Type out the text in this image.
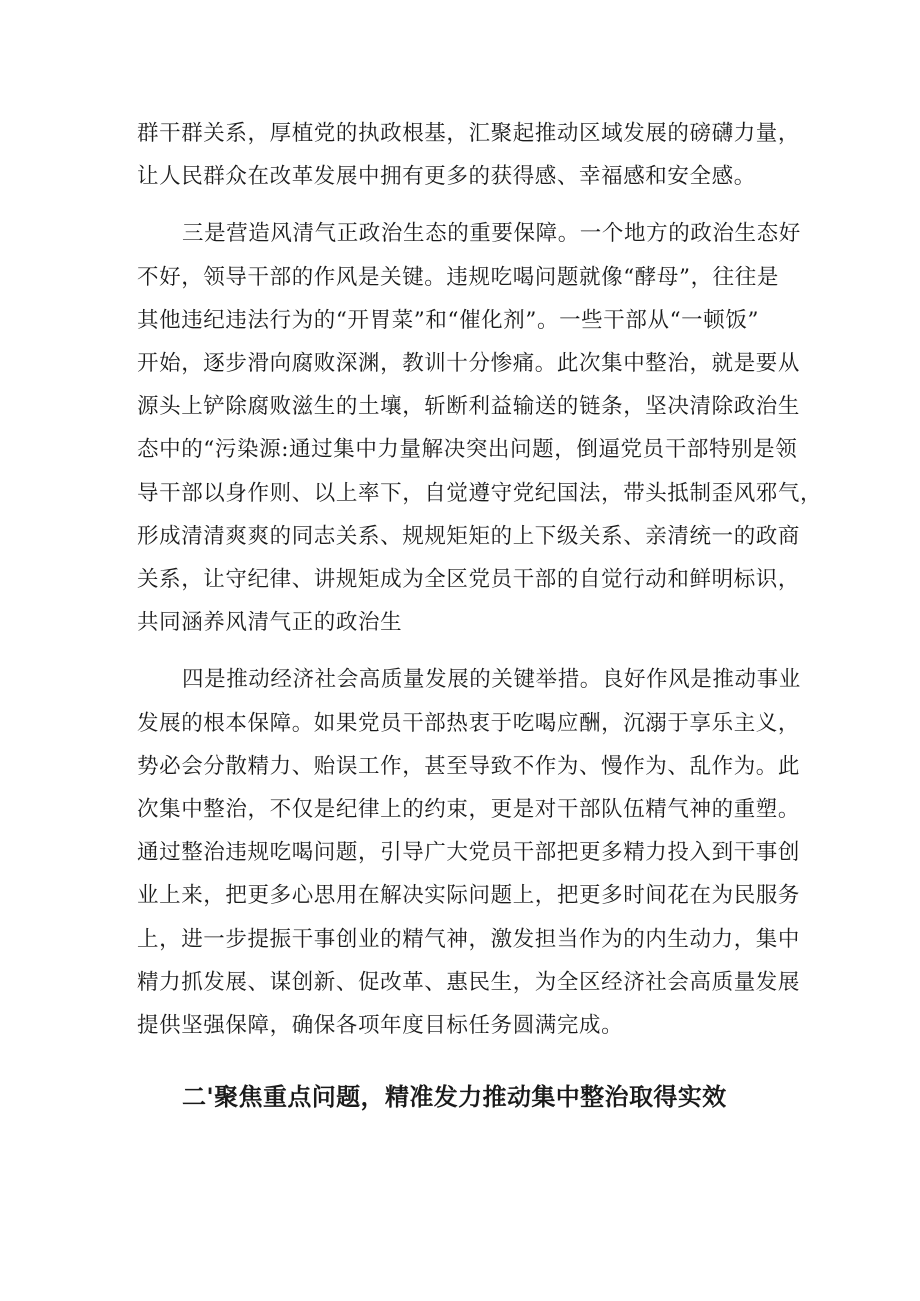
群干群关系，厚植党的执政根基，汇聚起推动区域发展的磅礴力量，
让人民群众在改革发展中拥有更多的获得感、幸福感和安全感。
三是营造风清气正政治生态的重要保障。一个地方的政治生态好
不好，领导干部的作风是关键。违规吃喝问题就像“酵母”，往往是
其他违纪违法行为的“开胃菜”和“催化剂”。一些干部从“一顿饭”
开始，逐步滑向腐败深渊，教训十分惨痛。此次集中整治，就是要从
源头上铲除腐败滋生的土壤，斩断利益输送的链条，坚决清除政治生
态中的“污染源:通过集中力量解决突出问题，倒逼党员干部特别是领
导干部以身作则、以上率下，自觉遵守党纪国法，带头抵制歪风邪气，
形成清清爽爽的同志关系、规规矩矩的上下级关系、亲清统一的政商
关系，让守纪律、讲规矩成为全区党员干部的自觉行动和鲜明标识，
共同涵养风清气正的政治生
四是推动经济社会高质量发展的关键举措。良好作风是推动事业
发展的根本保障。如果党员干部热衷于吃喝应酬，沉溺于享乐主义，
势必会分散精力、贻误工作，甚至导致不作为、慢作为、乱作为。此
次集中整治，不仅是纪律上的约束，更是对干部队伍精气神的重塑。
通过整治违规吃喝问题，引导广大党员干部把更多精力投入到干事创
业上来，把更多心思用在解决实际问题上，把更多时间花在为民服务
上，进一步提振干事创业的精气神，激发担当作为的内生动力，集中
精力抓发展、谋创新、促改革、惠民生，为全区经济社会高质量发展
提供坚强保障，确保各项年度目标任务圆满完成。
二'聚焦重点问题，精准发力推动集中整治取得实效
